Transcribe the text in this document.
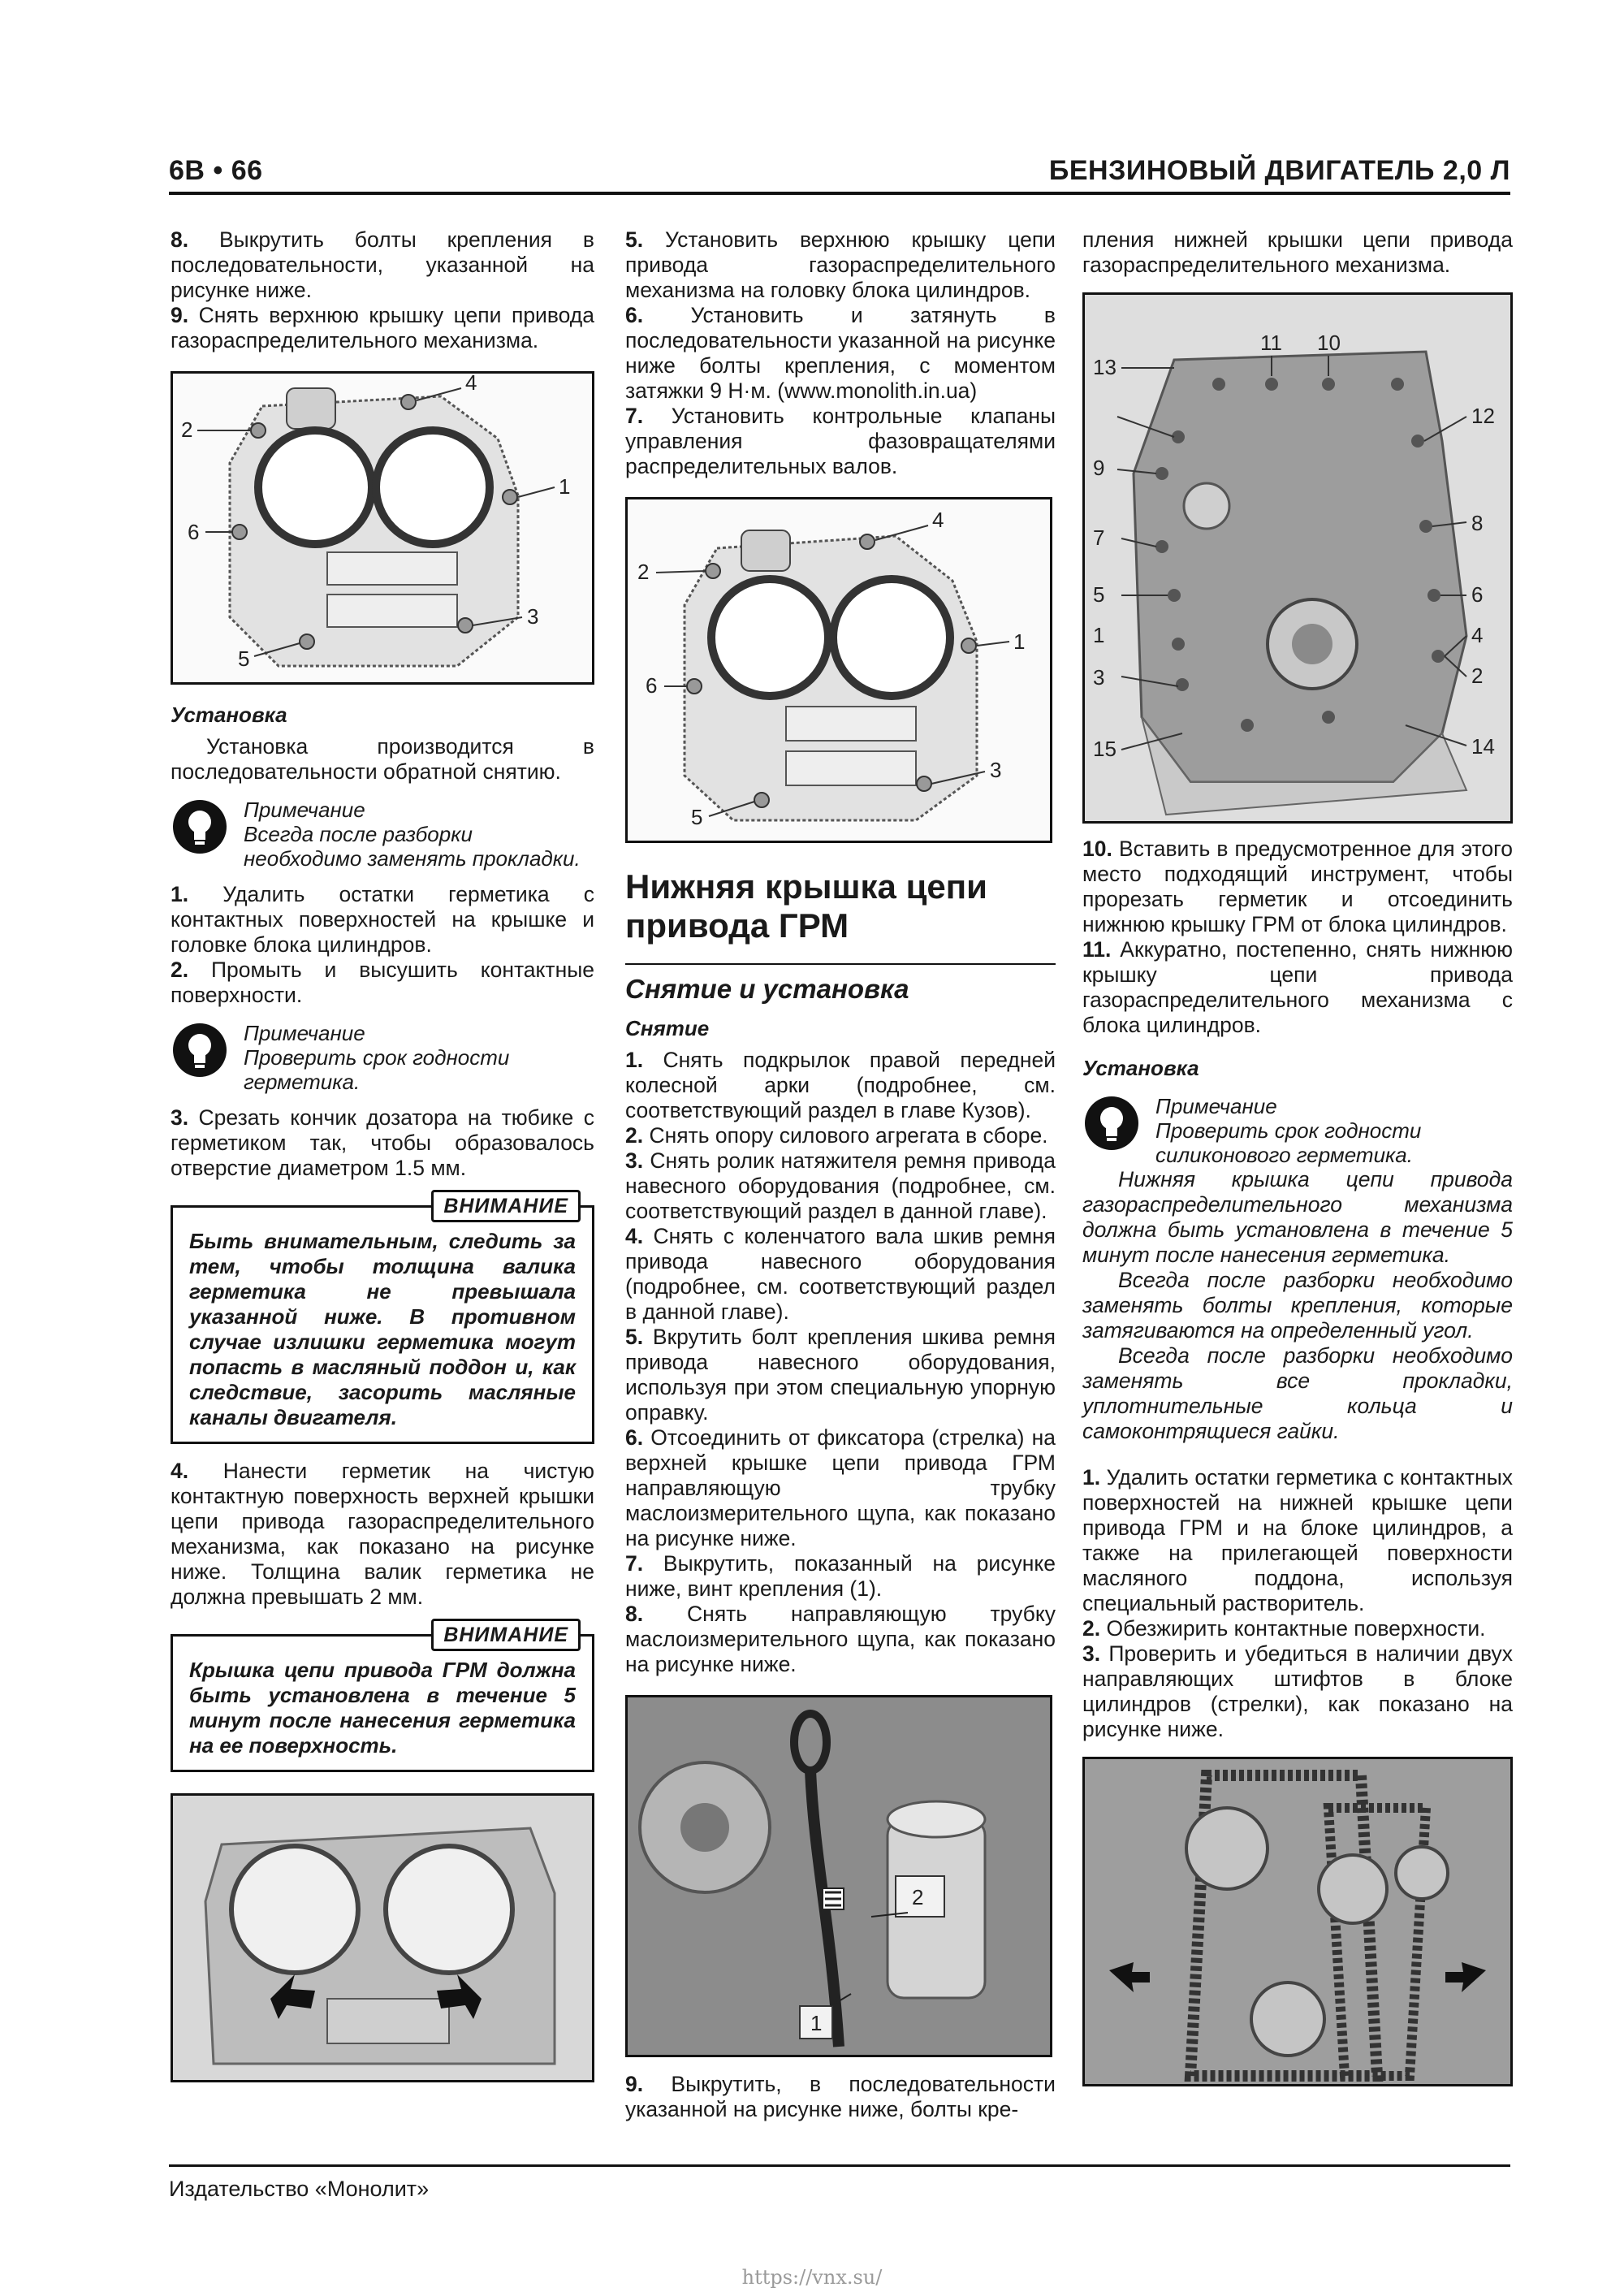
6В • 66	БЕНЗИНОВЫЙ ДВИГАТЕЛЬ 2,0 Л

8. Выкрутить болты крепления в последовательности, указанной на рисунке ниже.

9. Снять верхнюю крышку цепи привода газораспределительного механизма.

1
2
3
4
5
6
Установка

Установка производится в последовательности обратной снятию.

Примечание
Всегда после разборки необходимо заменять прокладки.

1. Удалить остатки герметика с контактных поверхностей на крышке и головке блока цилиндров.

2. Промыть и высушить контактные поверхности.

Примечание
Проверить срок годности герметика.

3. Срезать кончик дозатора на тюбике с герметиком так, чтобы образовалось отверстие диаметром 1.5 мм.

ВНИМАНИЕ
Быть внимательным, следить за тем, чтобы толщина валика герметика не превышала указанной ниже. В противном случае излишки герметика могут попасть в масляный поддон и, как следствие, засорить масляные каналы двигателя.

4. Нанести герметик на чистую контактную поверхность верхней крышки цепи привода газораспределительного механизма, как показано на рисунке ниже. Толщина валик герметика не должна превышать 2 мм.

ВНИМАНИЕ
Крышка цепи привода ГРМ должна быть установлена в течение 5 минут после нанесения герметика на ее поверхность.

5. Установить верхнюю крышку цепи привода газораспределительного механизма на головку блока цилиндров.

6. Установить и затянуть в последовательности указанной на рисунке ниже болты крепления, с моментом затяжки 9 Н·м. (www.monolith.in.ua)

7. Установить контрольные клапаны управления фазовращателями распределительных валов.

1
2
3
4
5
6
Нижняя крышка цепи привода ГРМ
Снятие и установка
Снятие

1. Снять подкрылок правой передней колесной арки (подробнее, см. соответствующий раздел в главе Кузов).

2. Снять опору силового агрегата в сборе.

3. Снять ролик натяжителя ремня привода навесного оборудования (подробнее, см. соответствующий раздел в данной главе).

4. Снять с коленчатого вала шкив ремня привода навесного оборудования (подробнее, см. соответствующий раздел в данной главе).

5. Вкрутить болт крепления шкива ремня привода навесного оборудования, используя при этом специальную упорную оправку.

6. Отсоединить от фиксатора (стрелка) на верхней крышке цепи привода ГРМ направляющую трубку маслоизмерительного щупа, как показано на рисунке ниже.

7. Выкрутить, показанный на рисунке ниже, винт крепления (1).

8. Снять направляющую трубку маслоизмерительного щупа, как показано на рисунке ниже.

1
2

9. Выкрутить, в последовательности указанной на рисунке ниже, болты кре-

пления нижней крышки цепи привода газораспределительного механизма.

1
2
3
4
5	6
7
8
9
10
11
12
13
14
15

10. Вставить в предусмотренное для этого место подходящий инструмент, чтобы прорезать герметик и отсоединить нижнюю крышку ГРМ от блока цилиндров.

11. Аккуратно, постепенно, снять нижнюю крышку цепи привода газораспределительного механизма с блока цилиндров.

Установка
Примечание
Проверить срок годности силиконового герметика.

Нижняя крышка цепи привода газораспределительного механизма должна быть установлена в течение 5 минут после нанесения герметика.

Всегда после разборки необходимо заменять болты крепления, которые затягиваются на определенный угол.

Всегда после разборки необходимо заменять все прокладки, уплотнительные кольца и самоконтрящиеся гайки.

1. Удалить остатки герметика с контактных поверхностей на нижней крышке цепи привода ГРМ и на блоке цилиндров, а также на прилегающей поверхности масляного поддона, используя специальный растворитель.

2. Обезжирить контактные поверхности.

3. Проверить и убедиться в наличии двух направляющих штифтов в блоке цилиндров (стрелки), как показано на рисунке ниже.

Издательство «Монолит»
https://vnx.su/
